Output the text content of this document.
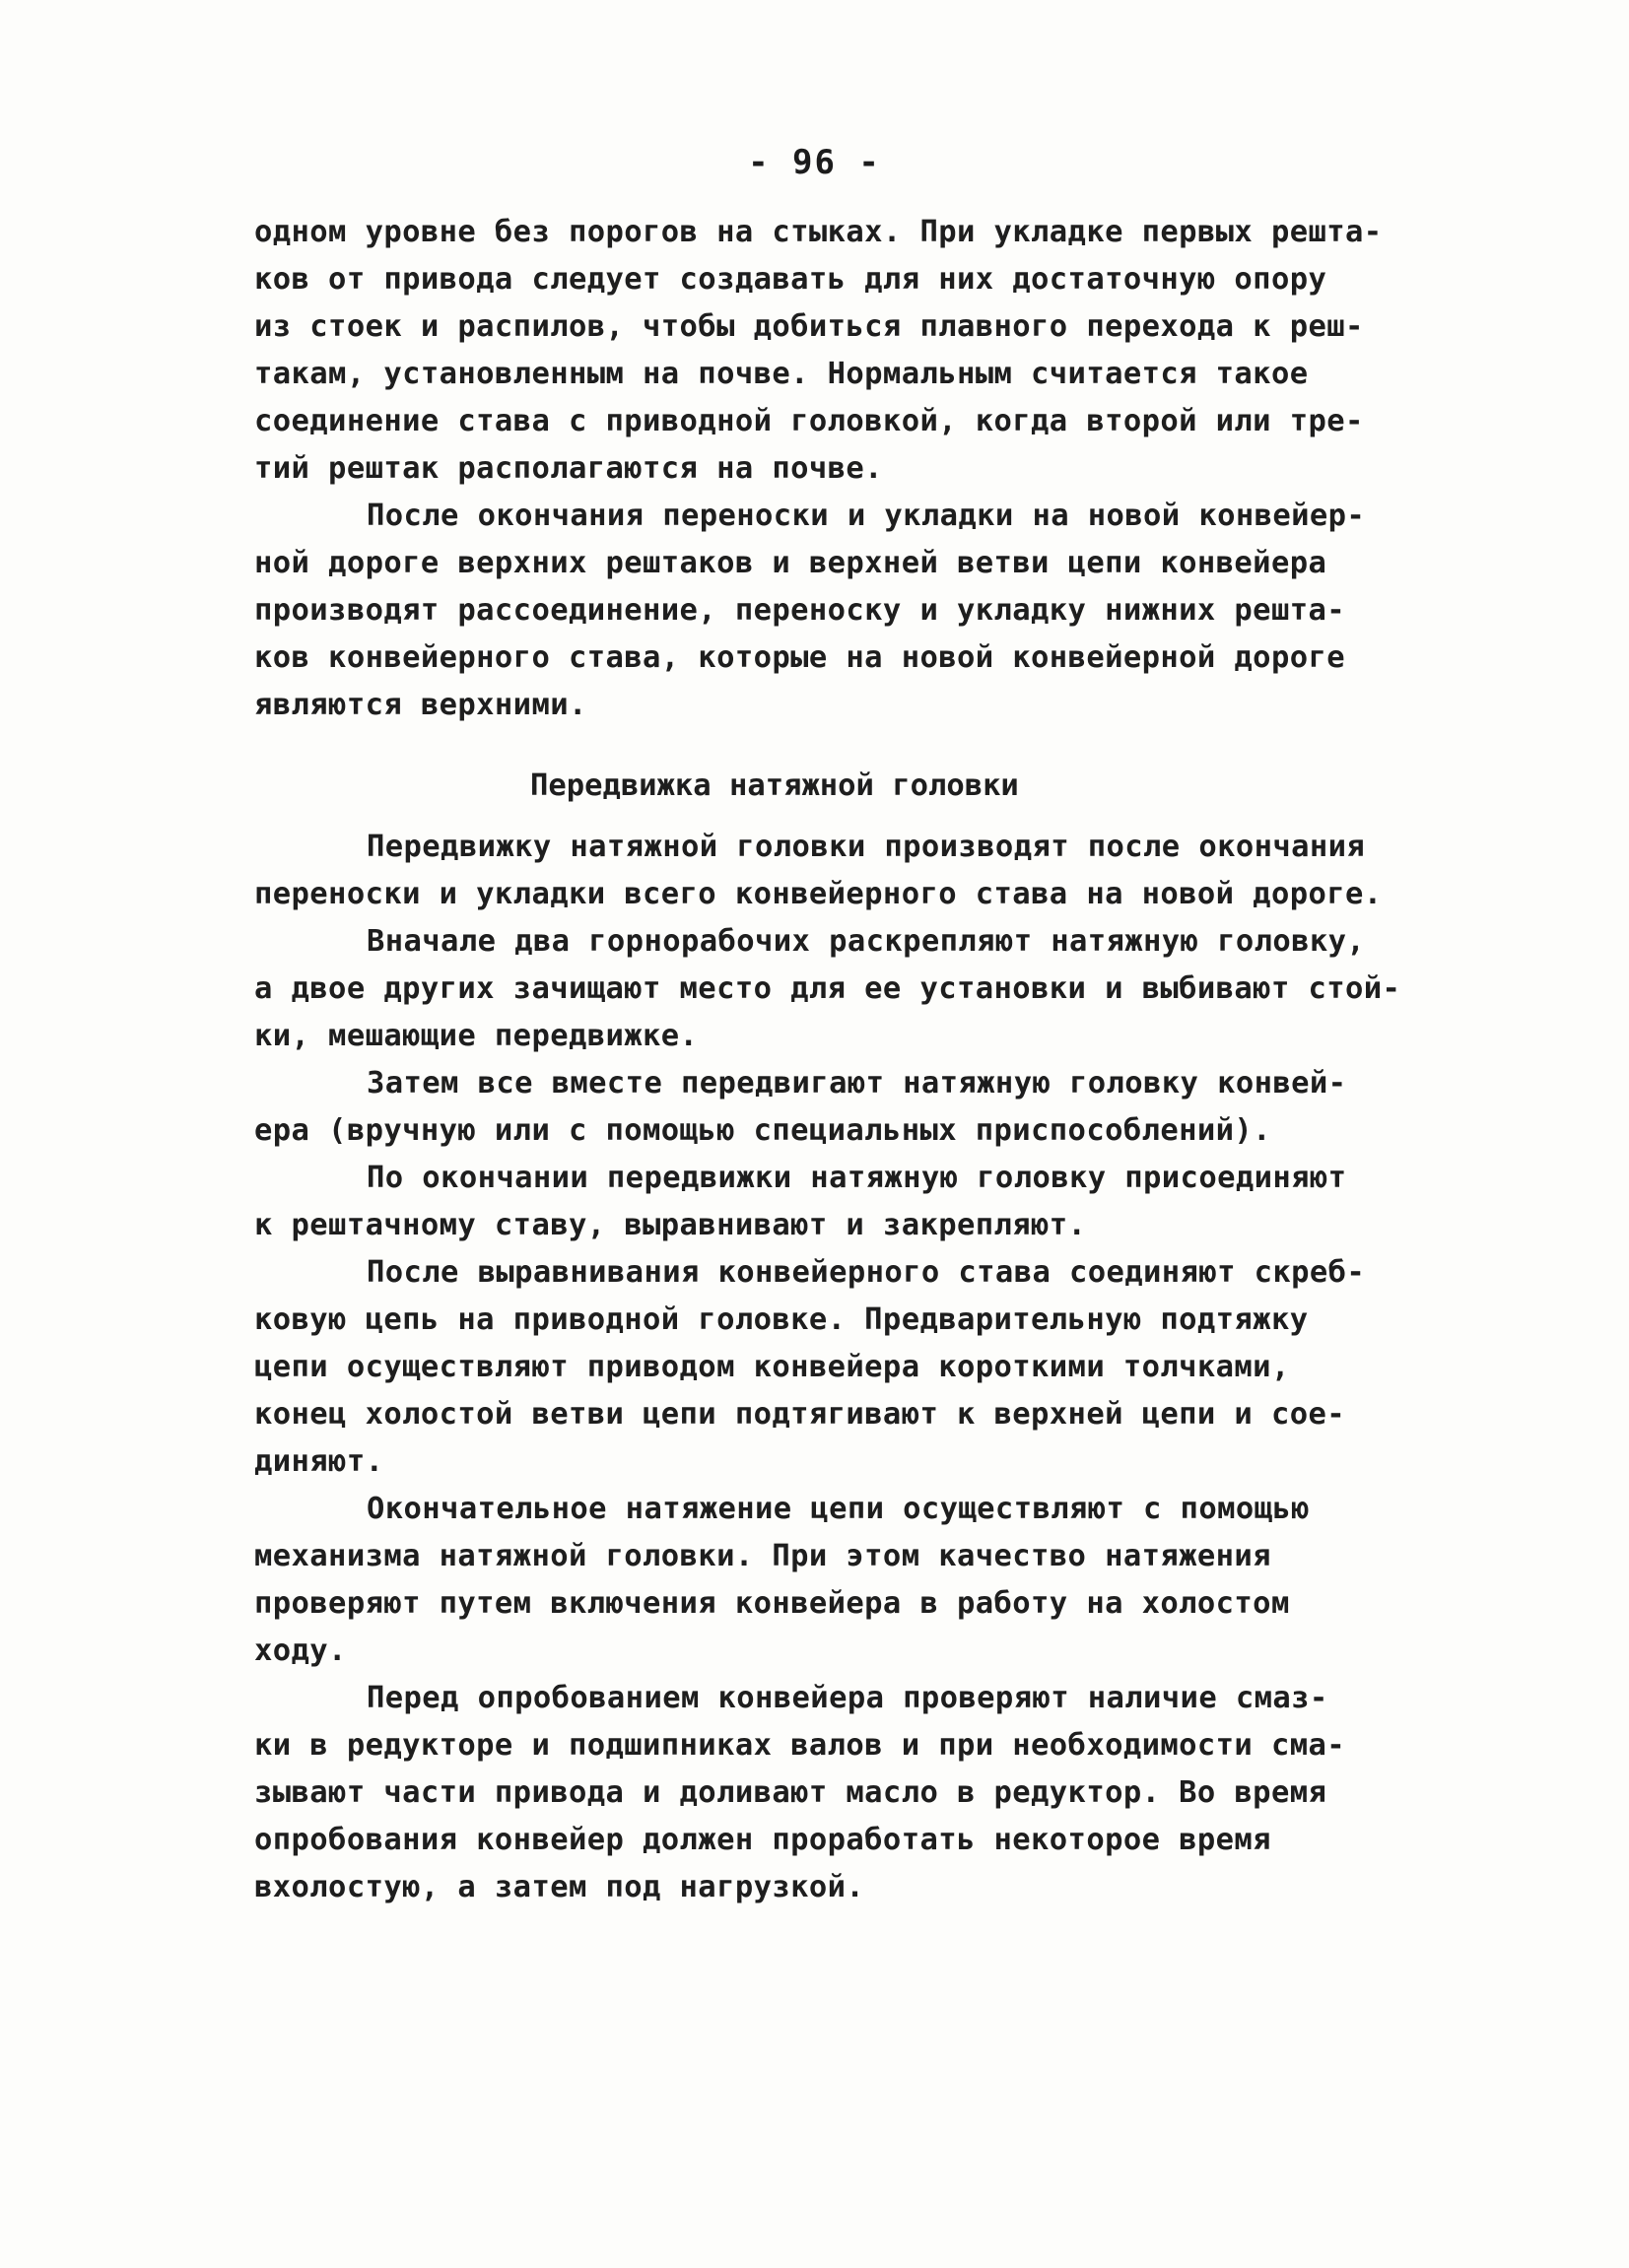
- 96 -
одном уровне без порогов на стыках. При укладке первых решта-
ков от привода следует создавать для них достаточную опору
из стоек и распилов, чтобы добиться плавного перехода к реш-
такам, установленным на почве. Нормальным считается такое
соединение става с приводной головкой, когда второй или тре-
тий рештак располагаются на почве.
После окончания переноски и укладки на новой конвейер-
ной дороге верхних рештаков и верхней ветви цепи конвейера
производят рассоединение, переноску и укладку нижних решта-
ков конвейерного става, которые на новой конвейерной дороге
являются верхними.
Передвижка натяжной головки
Передвижку натяжной головки производят после окончания
переноски и укладки всего конвейерного става на новой дороге.
Вначале два горнорабочих раскрепляют натяжную головку,
а двое других зачищают место для ее установки и выбивают стой-
ки, мешающие передвижке.
Затем все вместе передвигают натяжную головку конвей-
ера (вручную или с помощью специальных приспособлений).
По окончании передвижки натяжную головку присоединяют
к рештачному ставу, выравнивают и закрепляют.
После выравнивания конвейерного става соединяют скреб-
ковую цепь на приводной головке. Предварительную подтяжку
цепи осуществляют приводом конвейера короткими толчками,
конец холостой ветви цепи подтягивают к верхней цепи и сое-
диняют.
Окончательное натяжение цепи осуществляют с помощью
механизма натяжной головки. При этом качество натяжения
проверяют путем включения конвейера в работу на холостом
ходу.
Перед опробованием конвейера проверяют наличие смаз-
ки в редукторе и подшипниках валов и при необходимости сма-
зывают части привода и доливают масло в редуктор. Во время
опробования конвейер должен проработать некоторое время
вхолостую, а затем под нагрузкой.
